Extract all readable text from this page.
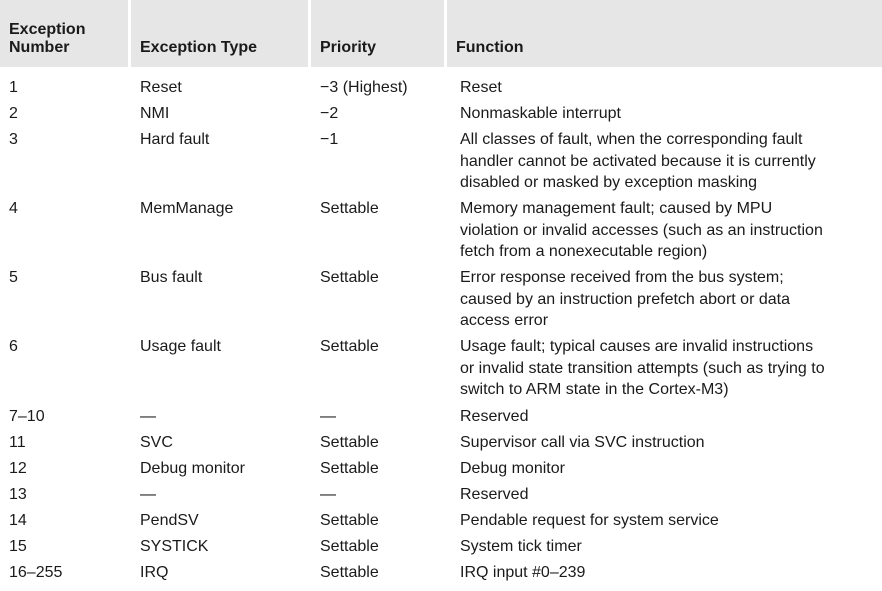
Exception
Number	Exception Type	Priority	Function
1	Reset	−3 (Highest)	Reset
2	NMI	−2	Nonmaskable interrupt
3	Hard fault	−1	All classes of fault, when the corresponding fault
handler cannot be activated because it is currently
disabled or masked by exception masking
4	MemManage	Settable	Memory management fault; caused by MPU
violation or invalid accesses (such as an instruction
fetch from a nonexecutable region)
5	Bus fault	Settable	Error response received from the bus system;
caused by an instruction prefetch abort or data
access error
6	Usage fault	Settable	Usage fault; typical causes are invalid instructions
or invalid state transition attempts (such as trying to
switch to ARM state in the Cortex-M3)
7–10	—	—	Reserved
11	SVC	Settable	Supervisor call via SVC instruction
12	Debug monitor	Settable	Debug monitor
13	—	—	Reserved
14	PendSV	Settable	Pendable request for system service
15	SYSTICK	Settable	System tick timer
16–255	IRQ	Settable	IRQ input #0–239
